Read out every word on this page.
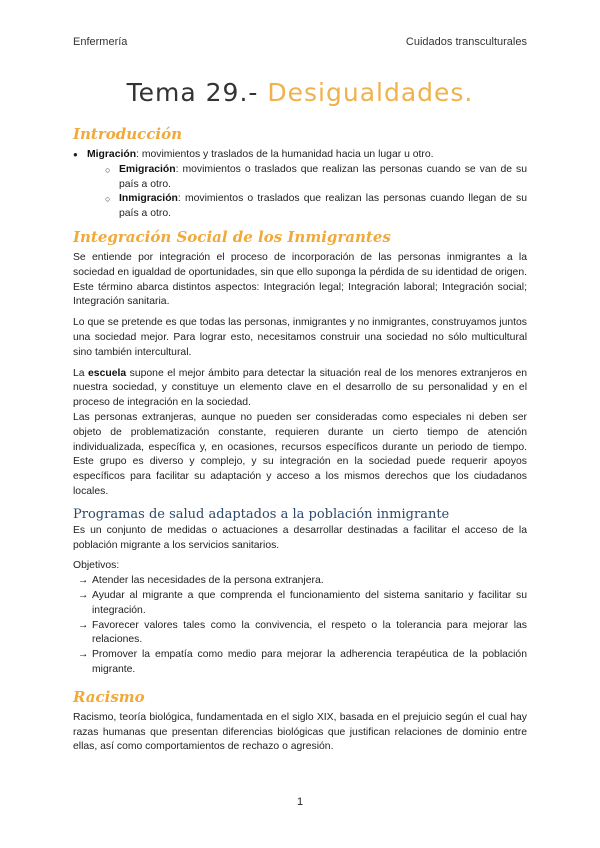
Enfermería	Cuidados transculturales
Tema 29.- Desigualdades.
Introducción
● Migración: movimientos y traslados de la humanidad hacia un lugar u otro.
○ Emigración: movimientos o traslados que realizan las personas cuando se van de su país a otro.
○ Inmigración: movimientos o traslados que realizan las personas cuando llegan de su país a otro.
Integración Social de los Inmigrantes

Se entiende por integración el proceso de incorporación de las personas inmigrantes a la sociedad en igualdad de oportunidades, sin que ello suponga la pérdida de su identidad de origen. Este término abarca distintos aspectos: Integración legal; Integración laboral; Integración social; Integración sanitaria.

Lo que se pretende es que todas las personas, inmigrantes y no inmigrantes, construyamos juntos una sociedad mejor. Para lograr esto, necesitamos construir una sociedad no sólo multicultural sino también intercultural.

La escuela supone el mejor ámbito para detectar la situación real de los menores extranjeros en nuestra sociedad, y constituye un elemento clave en el desarrollo de su personalidad y en el proceso de integración en la sociedad.

Las personas extranjeras, aunque no pueden ser consideradas como especiales ni deben ser objeto de problematización constante, requieren durante un cierto tiempo de atención individualizada, específica y, en ocasiones, recursos específicos durante un periodo de tiempo. Este grupo es diverso y complejo, y su integración en la sociedad puede requerir apoyos específicos para facilitar su adaptación y acceso a los mismos derechos que los ciudadanos locales.

Programas de salud adaptados a la población inmigrante

Es un conjunto de medidas o actuaciones a desarrollar destinadas a facilitar el acceso de la población migrante a los servicios sanitarios.

Objetivos:
→ Atender las necesidades de la persona extranjera.
→ Ayudar al migrante a que comprenda el funcionamiento del sistema sanitario y facilitar su integración.
→ Favorecer valores tales como la convivencia, el respeto o la tolerancia para mejorar las relaciones.
→ Promover la empatía como medio para mejorar la adherencia terapéutica de la población migrante.
Racismo

Racismo, teoría biológica, fundamentada en el siglo XIX, basada en el prejuicio según el cual hay razas humanas que presentan diferencias biológicas que justifican relaciones de dominio entre ellas, así como comportamientos de rechazo o agresión.

1
